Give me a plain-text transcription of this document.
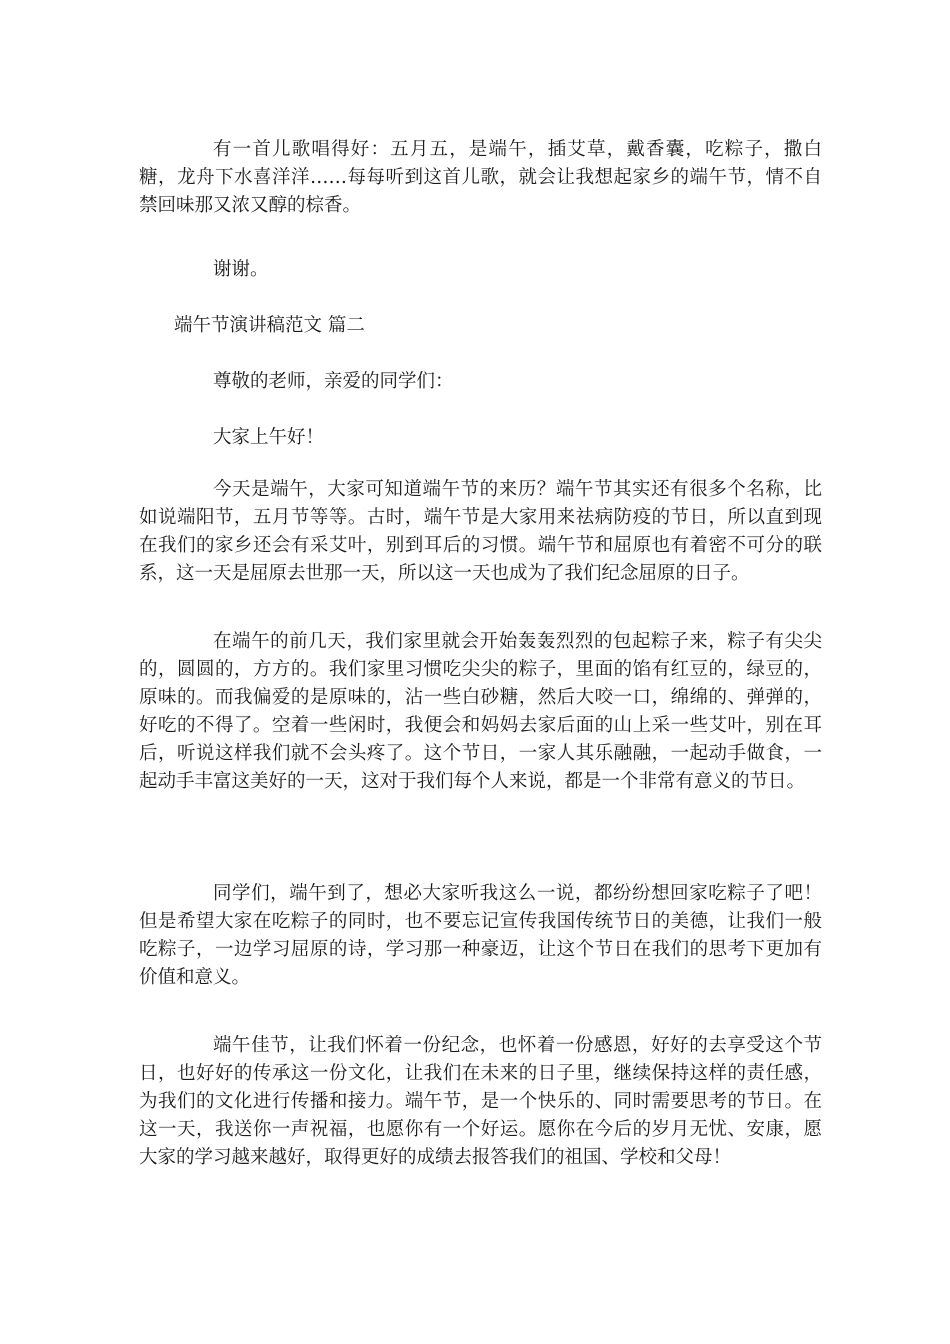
有一首儿歌唱得好：五月五，是端午，插艾草，戴香囊，吃粽子，撒白糖，龙舟下水喜洋洋……每每听到这首儿歌，就会让我想起家乡的端午节，情不自禁回味那又浓又醇的棕香。

谢谢。

端午节演讲稿范文 篇二

尊敬的老师，亲爱的同学们：

大家上午好！

今天是端午，大家可知道端午节的来历？端午节其实还有很多个名称，比如说端阳节，五月节等等。古时，端午节是大家用来祛病防疫的节日，所以直到现在我们的家乡还会有采艾叶，别到耳后的习惯。端午节和屈原也有着密不可分的联系，这一天是屈原去世那一天，所以这一天也成为了我们纪念屈原的日子。

在端午的前几天，我们家里就会开始轰轰烈烈的包起粽子来，粽子有尖尖的，圆圆的，方方的。我们家里习惯吃尖尖的粽子，里面的馅有红豆的，绿豆的，原味的。而我偏爱的是原味的，沾一些白砂糖，然后大咬一口，绵绵的、弹弹的，好吃的不得了。空着一些闲时，我便会和妈妈去家后面的山上采一些艾叶，别在耳后，听说这样我们就不会头疼了。这个节日，一家人其乐融融，一起动手做食，一起动手丰富这美好的一天，这对于我们每个人来说，都是一个非常有意义的节日。

同学们，端午到了，想必大家听我这么一说，都纷纷想回家吃粽子了吧！但是希望大家在吃粽子的同时，也不要忘记宣传我国传统节日的美德，让我们一般吃粽子，一边学习屈原的诗，学习那一种豪迈，让这个节日在我们的思考下更加有价值和意义。

端午佳节，让我们怀着一份纪念，也怀着一份感恩，好好的去享受这个节日，也好好的传承这一份文化，让我们在未来的日子里，继续保持这样的责任感，为我们的文化进行传播和接力。端午节，是一个快乐的、同时需要思考的节日。在这一天，我送你一声祝福，也愿你有一个好运。愿你在今后的岁月无忧、安康，愿大家的学习越来越好，取得更好的成绩去报答我们的祖国、学校和父母！
